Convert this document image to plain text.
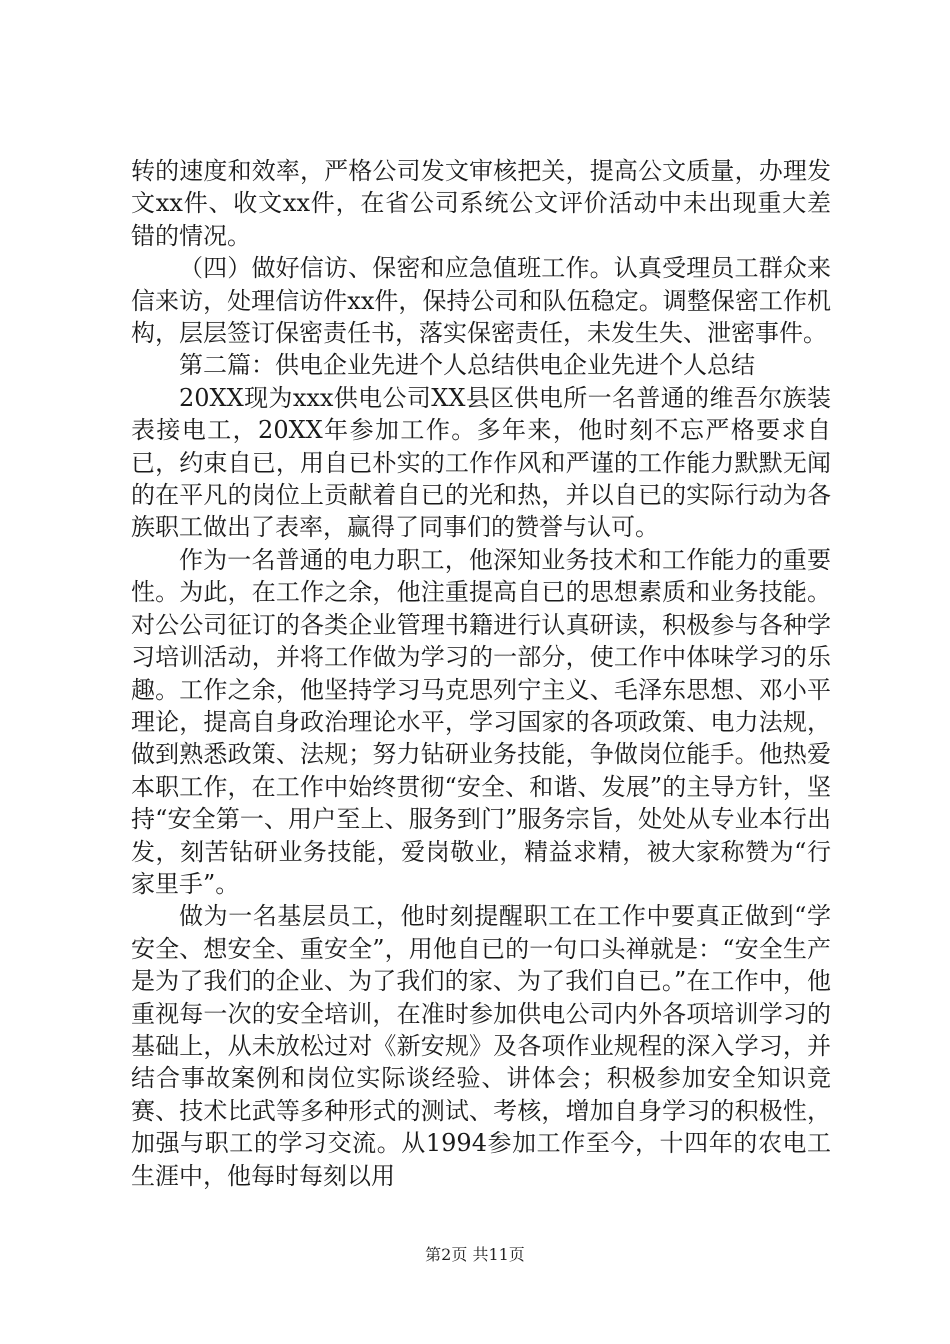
转的速度和效率，严格公司发文审核把关，提高公文质量，办理发文xx件、收文xx件，在省公司系统公文评价活动中未出现重大差错的情况。

（四）做好信访、保密和应急值班工作。认真受理员工群众来信来访，处理信访件xx件，保持公司和队伍稳定。调整保密工作机构，层层签订保密责任书，落实保密责任，未发生失、泄密事件。

第二篇：供电企业先进个人总结供电企业先进个人总结

20XX现为xxx供电公司XX县区供电所一名普通的维吾尔族装表接电工，20XX年参加工作。多年来，他时刻不忘严格要求自已，约束自已，用自已朴实的工作作风和严谨的工作能力默默无闻的在平凡的岗位上贡献着自已的光和热，并以自已的实际行动为各族职工做出了表率，赢得了同事们的赞誉与认可。

作为一名普通的电力职工，他深知业务技术和工作能力的重要性。为此，在工作之余，他注重提高自已的思想素质和业务技能。对公公司征订的各类企业管理书籍进行认真研读，积极参与各种学习培训活动，并将工作做为学习的一部分，使工作中体味学习的乐趣。工作之余，他坚持学习马克思列宁主义、毛泽东思想、邓小平理论，提高自身政治理论水平，学习国家的各项政策、电力法规，做到熟悉政策、法规；努力钻研业务技能，争做岗位能手。他热爱本职工作，在工作中始终贯彻“安全、和谐、发展”的主导方针，坚持“安全第一、用户至上、服务到门”服务宗旨，处处从专业本行出发，刻苦钻研业务技能，爱岗敬业，精益求精，被大家称赞为“行家里手”。

做为一名基层员工，他时刻提醒职工在工作中要真正做到“学安全、想安全、重安全”，用他自已的一句口头禅就是：“安全生产是为了我们的企业、为了我们的家、为了我们自已。”在工作中，他重视每一次的安全培训，在准时参加供电公司内外各项培训学习的基础上，从未放松过对《新安规》及各项作业规程的深入学习，并结合事故案例和岗位实际谈经验、讲体会；积极参加安全知识竞赛、技术比武等多种形式的测试、考核，增加自身学习的积极性，加强与职工的学习交流。从1994参加工作至今，十四年的农电工生涯中，他每时每刻以用

第2页 共11页
